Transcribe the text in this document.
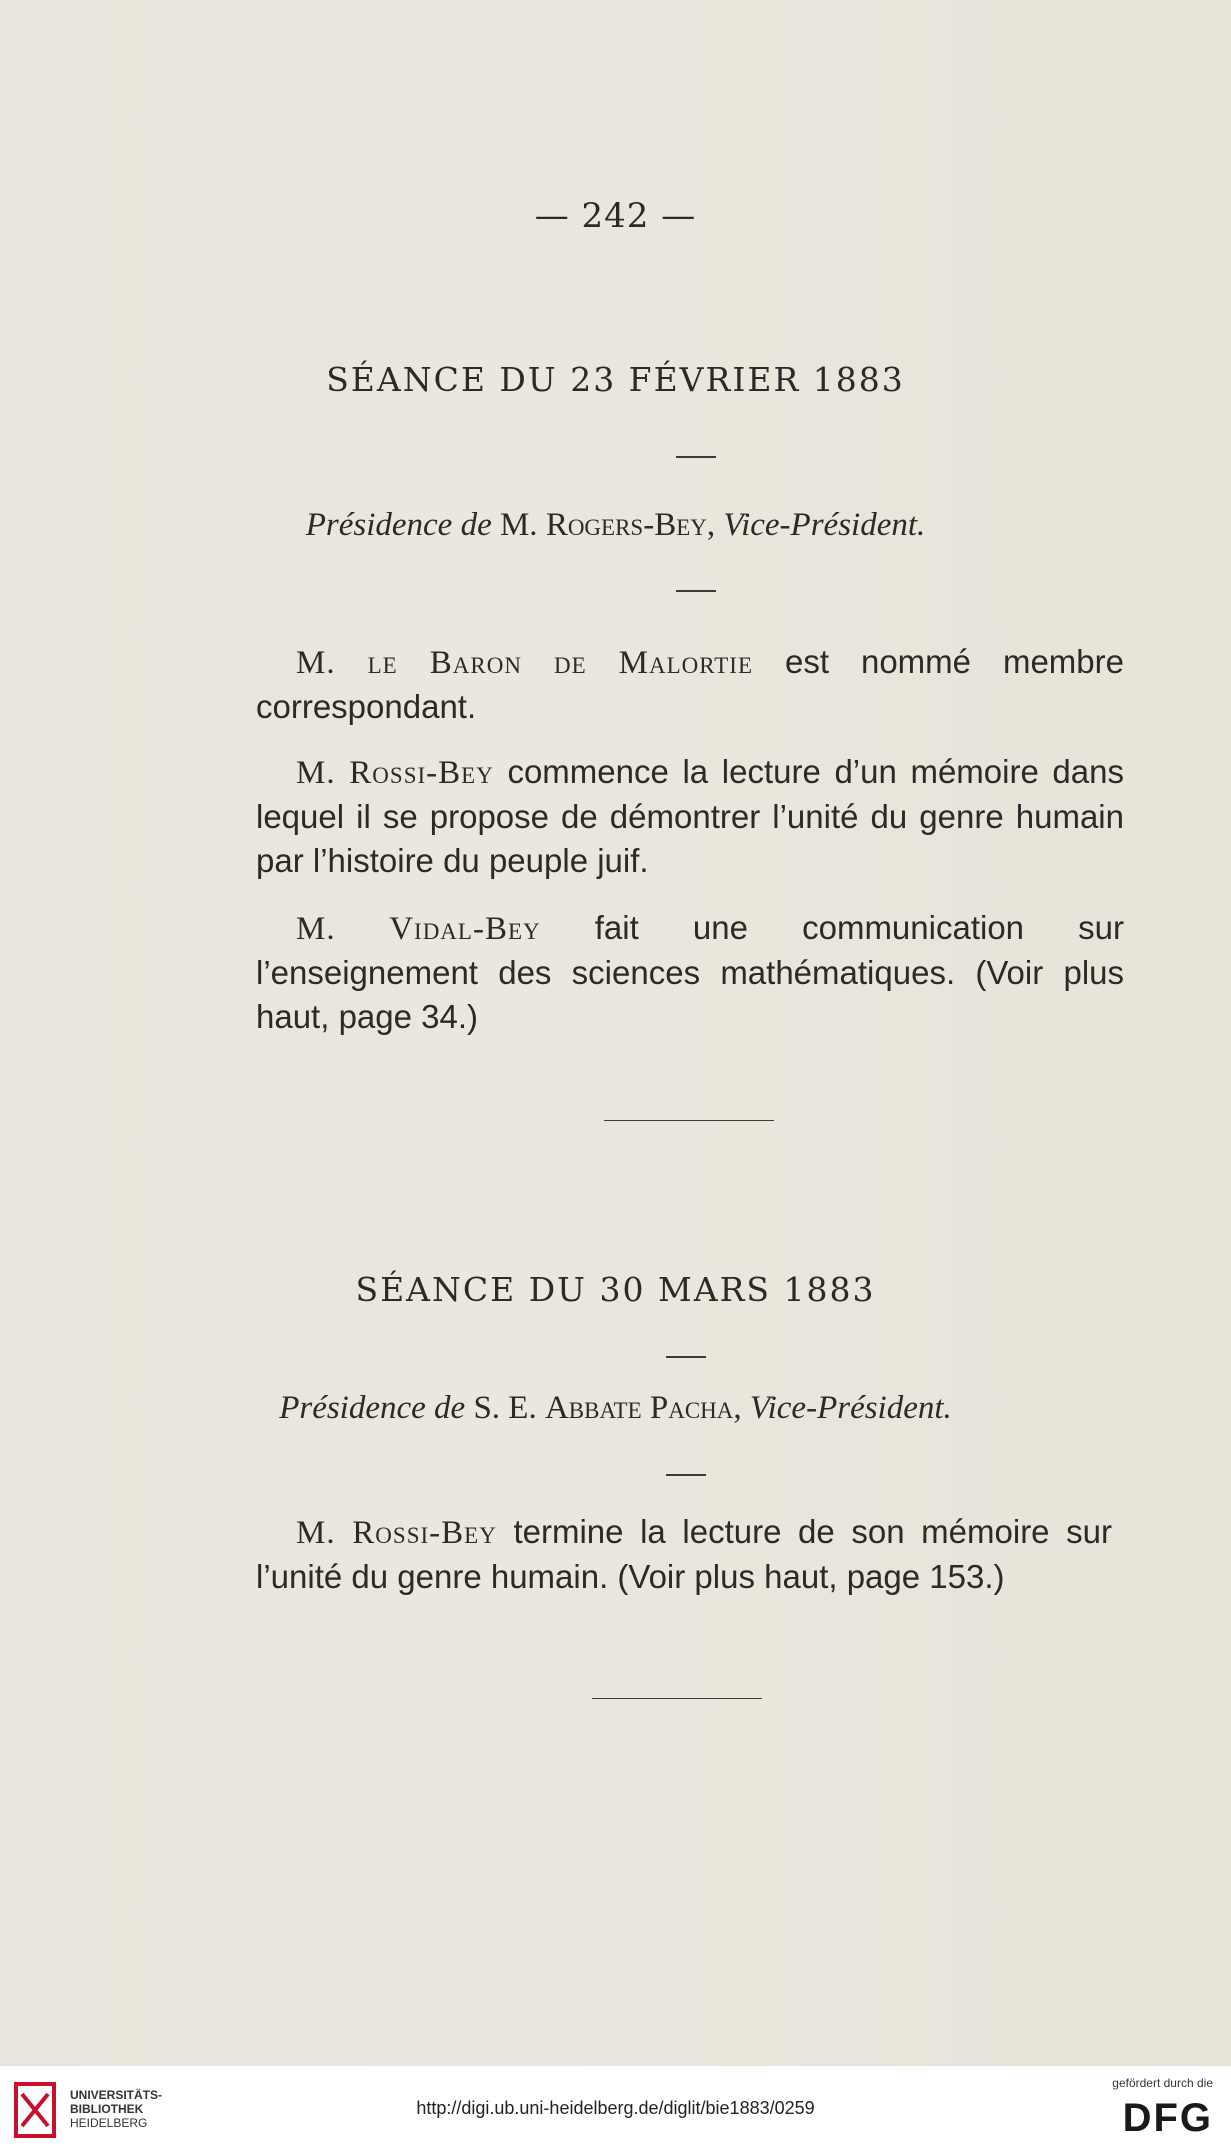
— 242 —
SÉANCE DU 23 FÉVRIER 1883
Présidence de M. Rogers-Bey, Vice-Président.
M. le Baron de Malortie est nommé membre correspondant.
M. Rossi-Bey commence la lecture d’un mémoire dans lequel il se propose de démontrer l’unité du genre humain par l’histoire du peuple juif.
M. Vidal-Bey fait une communication sur l’enseignement des sciences mathématiques. (Voir plus haut, page 34.)
SÉANCE DU 30 MARS 1883
Présidence de S. E. Abbate Pacha, Vice-Président.
M. Rossi-Bey termine la lecture de son mémoire sur l’unité du genre humain. (Voir plus haut, page 153.)
UNIVERSITÄTS-
BIBLIOTHEK
HEIDELBERG
http://digi.ub.uni-heidelberg.de/diglit/bie1883/0259
gefördert durch die
DFG
